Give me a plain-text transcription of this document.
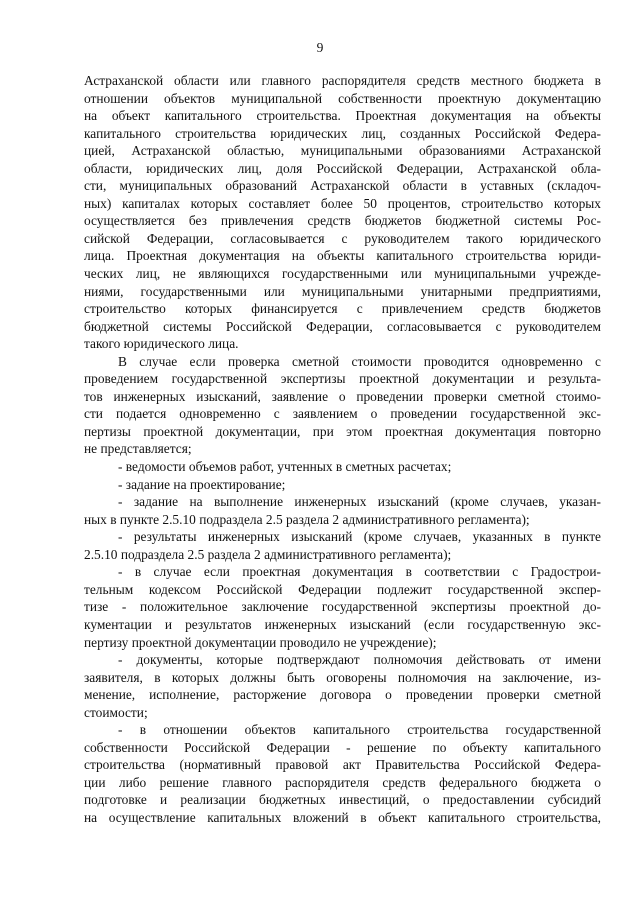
9
Астраханской области или главного распорядителя средств местного бюджета в
отношении объектов муниципальной собственности проектную документацию
на объект капитального строительства. Проектная документация на объекты
капитального строительства юридических лиц, созданных Российской Федера-
цией, Астраханской областью, муниципальными образованиями Астраханской
области, юридических лиц, доля Российской Федерации, Астраханской обла-
сти, муниципальных образований Астраханской области в уставных (складоч-
ных) капиталах которых составляет более 50 процентов, строительство которых
осуществляется без привлечения средств бюджетов бюджетной системы Рос-
сийской Федерации, согласовывается с руководителем такого юридического
лица. Проектная документация на объекты капитального строительства юриди-
ческих лиц, не являющихся государственными или муниципальными учрежде-
ниями, государственными или муниципальными унитарными предприятиями,
строительство которых финансируется с привлечением средств бюджетов
бюджетной системы Российской Федерации, согласовывается с руководителем
такого юридического лица.
В случае если проверка сметной стоимости проводится одновременно с
проведением государственной экспертизы проектной документации и результа-
тов инженерных изысканий, заявление о проведении проверки сметной стоимо-
сти подается одновременно с заявлением о проведении государственной экс-
пертизы проектной документации, при этом проектная документация повторно
не представляется;
- ведомости объемов работ, учтенных в сметных расчетах;
- задание на проектирование;
- задание на выполнение инженерных изысканий (кроме случаев, указан-
ных в пункте 2.5.10 подраздела 2.5 раздела 2 административного регламента);
- результаты инженерных изысканий (кроме случаев, указанных в пункте
2.5.10 подраздела 2.5 раздела 2 административного регламента);
- в случае если проектная документация в соответствии с Градострои-
тельным кодексом Российской Федерации подлежит государственной экспер-
тизе - положительное заключение государственной экспертизы проектной до-
кументации и результатов инженерных изысканий (если государственную экс-
пертизу проектной документации проводило не учреждение);
- документы, которые подтверждают полномочия действовать от имени
заявителя, в которых должны быть оговорены полномочия на заключение, из-
менение, исполнение, расторжение договора о проведении проверки сметной
стоимости;
- в отношении объектов капитального строительства государственной
собственности Российской Федерации - решение по объекту капитального
строительства (нормативный правовой акт Правительства Российской Федера-
ции либо решение главного распорядителя средств федерального бюджета о
подготовке и реализации бюджетных инвестиций, о предоставлении субсидий
на осуществление капитальных вложений в объект капитального строительства,
